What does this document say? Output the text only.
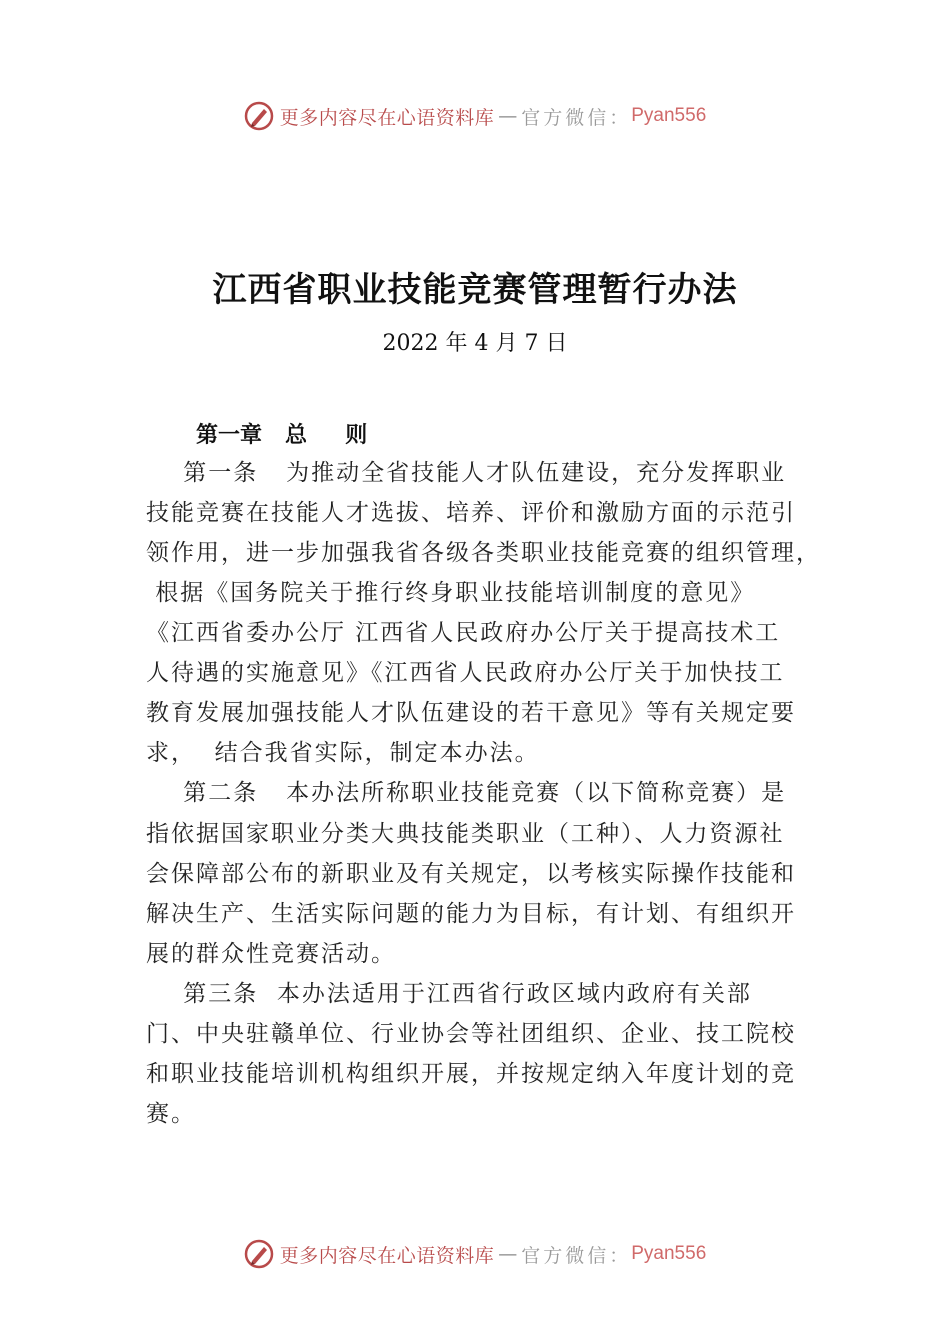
更多内容尽在心语资料库 — 官方微信： Pyan556
江西省职业技能竞赛管理暂行办法
2022 年 4 月 7 日
第一章   总     则
第一条   为推动全省技能人才队伍建设，充分发挥职业
技能竞赛在技能人才选拔、培养、评价和激励方面的示范引
领作用，进一步加强我省各级各类职业技能竞赛的组织管理，
根据《国务院关于推行终身职业技能培训制度的意见》
《江西省委办公厅 江西省人民政府办公厅关于提高技术工
人待遇的实施意见》《江西省人民政府办公厅关于加快技工
教育发展加强技能人才队伍建设的若干意见》等有关规定要
求，  结合我省实际，制定本办法。
第二条   本办法所称职业技能竞赛（以下简称竞赛）是
指依据国家职业分类大典技能类职业（工种）、人力资源社
会保障部公布的新职业及有关规定，以考核实际操作技能和
解决生产、生活实际问题的能力为目标，有计划、有组织开
展的群众性竞赛活动。
第三条  本办法适用于江西省行政区域内政府有关部
门、中央驻赣单位、行业协会等社团组织、企业、技工院校
和职业技能培训机构组织开展，并按规定纳入年度计划的竞
赛。
更多内容尽在心语资料库 — 官方微信： Pyan556
